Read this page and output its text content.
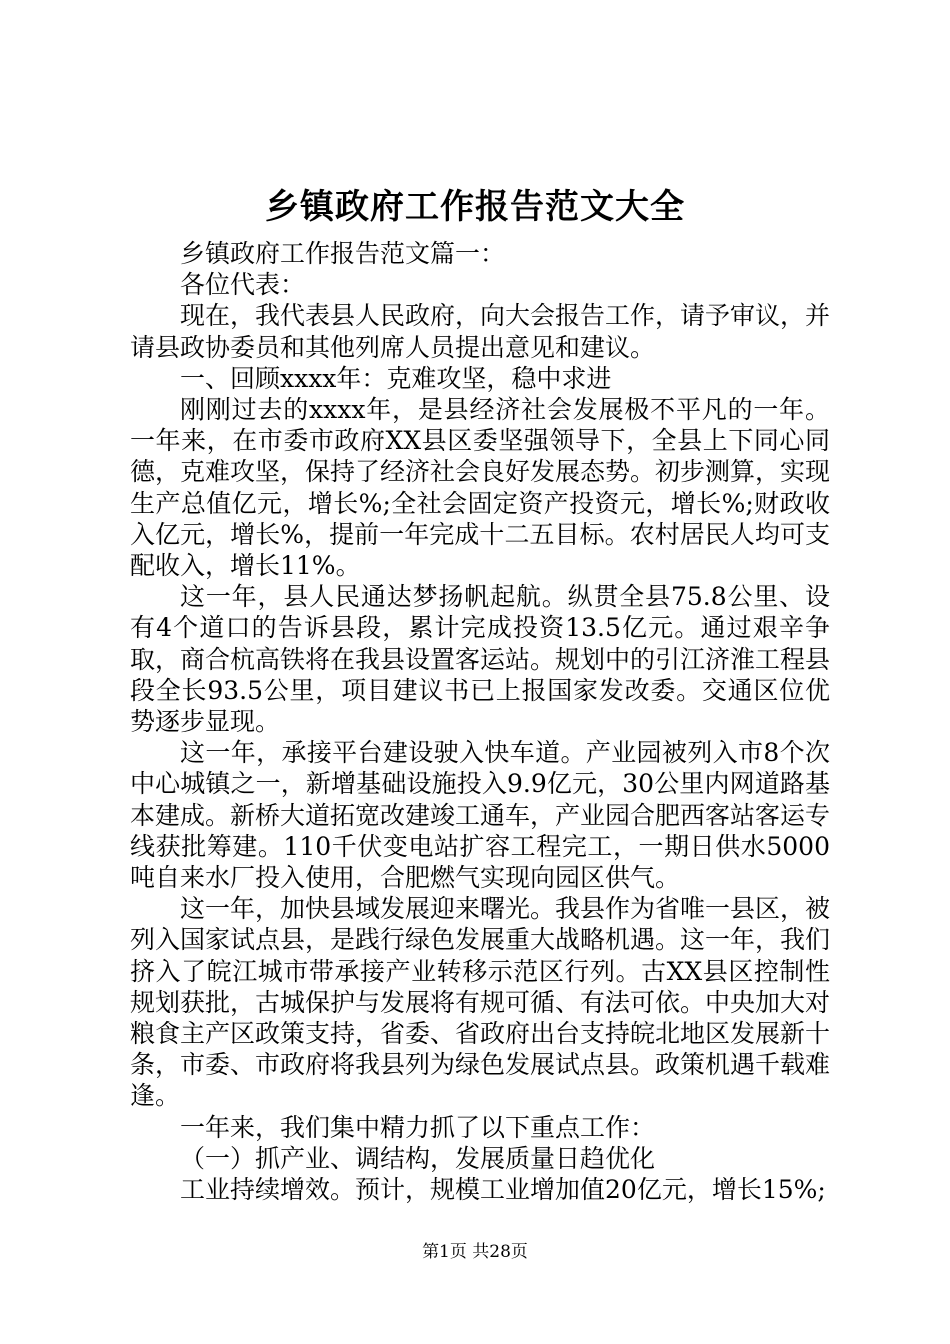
乡镇政府工作报告范文大全

乡镇政府工作报告范文篇一：

各位代表：

现在，我代表县人民政府，向大会报告工作，请予审议，并请县政协委员和其他列席人员提出意见和建议。

一、回顾xxxx年：克难攻坚，稳中求进

刚刚过去的xxxx年，是县经济社会发展极不平凡的一年。一年来，在市委市政府XX县区委坚强领导下，全县上下同心同德，克难攻坚，保持了经济社会良好发展态势。初步测算，实现生产总值亿元，增长%;全社会固定资产投资元，增长%;财政收入亿元，增长%，提前一年完成十二五目标。农村居民人均可支配收入，增长11%。

这一年，县人民通达梦扬帆起航。纵贯全县75.8公里、设有4个道口的告诉县段，累计完成投资13.5亿元。通过艰辛争取，商合杭高铁将在我县设置客运站。规划中的引江济淮工程县段全长93.5公里，项目建议书已上报国家发改委。交通区位优势逐步显现。

这一年，承接平台建设驶入快车道。产业园被列入市8个次中心城镇之一，新增基础设施投入9.9亿元，30公里内网道路基本建成。新桥大道拓宽改建竣工通车，产业园合肥西客站客运专线获批筹建。110千伏变电站扩容工程完工，一期日供水5000吨自来水厂投入使用，合肥燃气实现向园区供气。

这一年，加快县域发展迎来曙光。我县作为省唯一县区，被列入国家试点县，是践行绿色发展重大战略机遇。这一年，我们挤入了皖江城市带承接产业转移示范区行列。古XX县区控制性规划获批，古城保护与发展将有规可循、有法可依。中央加大对粮食主产区政策支持，省委、省政府出台支持皖北地区发展新十条，市委、市政府将我县列为绿色发展试点县。政策机遇千载难逢。

一年来，我们集中精力抓了以下重点工作：

（一）抓产业、调结构，发展质量日趋优化

工业持续增效。预计，规模工业增加值20亿元，增长15%;

第1页 共28页
